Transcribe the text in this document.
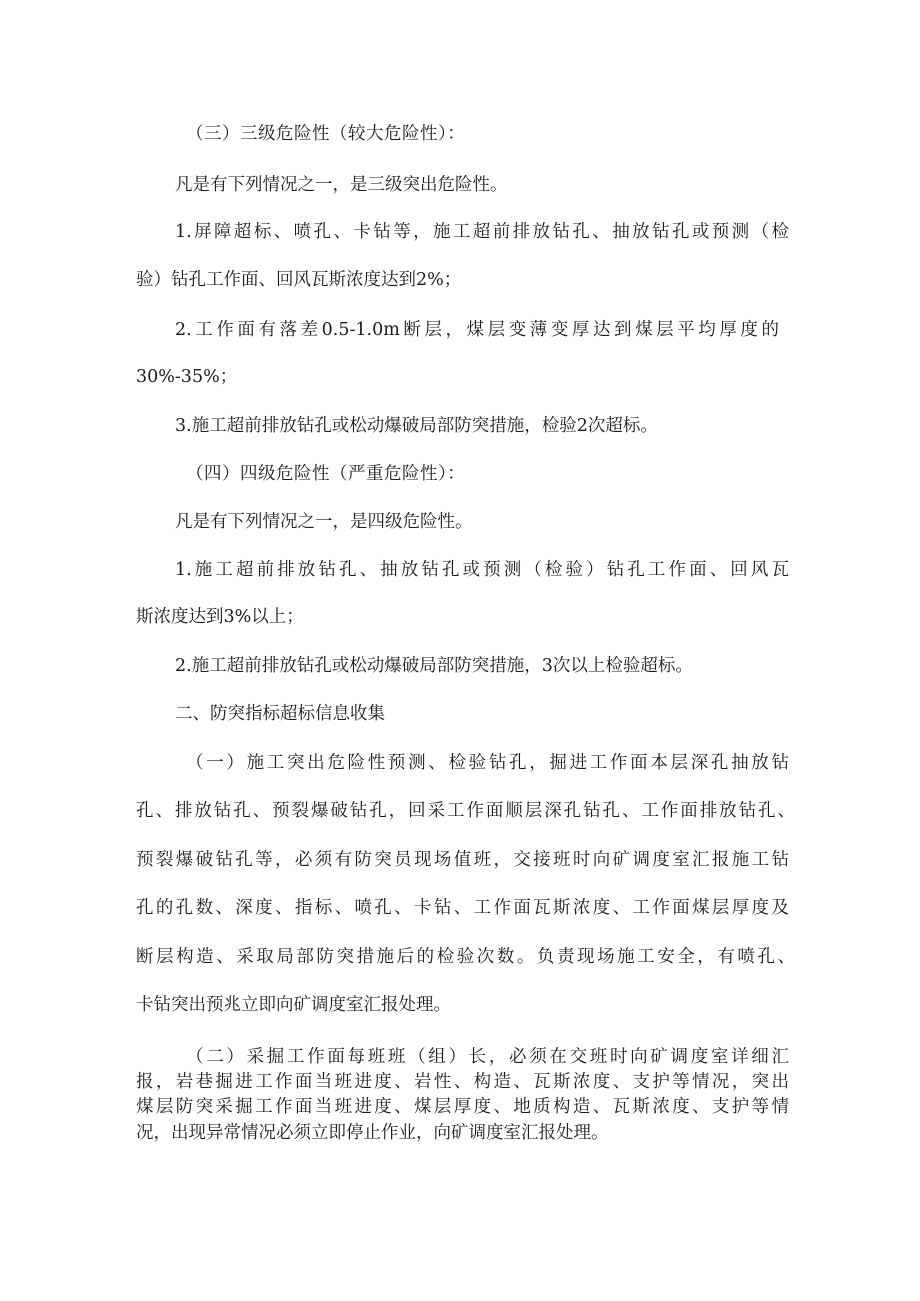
（三）三级危险性（较大危险性）：
凡是有下列情况之一，是三级突出危险性。
1.屏障超标、喷孔、卡钻等，施工超前排放钻孔、抽放钻孔或预测（检
验）钻孔工作面、回风瓦斯浓度达到2%；
2.工作面有落差0.5-1.0m断层，煤层变薄变厚达到煤层平均厚度的
30%-35%；
3.施工超前排放钻孔或松动爆破局部防突措施，检验2次超标。
（四）四级危险性（严重危险性）：
凡是有下列情况之一，是四级危险性。
1.施工超前排放钻孔、抽放钻孔或预测（检验）钻孔工作面、回风瓦
斯浓度达到3%以上；
2.施工超前排放钻孔或松动爆破局部防突措施，3次以上检验超标。
二、防突指标超标信息收集
（一）施工突出危险性预测、检验钻孔，掘进工作面本层深孔抽放钻
孔、排放钻孔、预裂爆破钻孔，回采工作面顺层深孔钻孔、工作面排放钻孔、
预裂爆破钻孔等，必须有防突员现场值班，交接班时向矿调度室汇报施工钻
孔的孔数、深度、指标、喷孔、卡钻、工作面瓦斯浓度、工作面煤层厚度及
断层构造、采取局部防突措施后的检验次数。负责现场施工安全，有喷孔、
卡钻突出预兆立即向矿调度室汇报处理。
（二）采掘工作面每班班（组）长，必须在交班时向矿调度室详细汇
报，岩巷掘进工作面当班进度、岩性、构造、瓦斯浓度、支护等情况，突出
煤层防突采掘工作面当班进度、煤层厚度、地质构造、瓦斯浓度、支护等情
况，出现异常情况必须立即停止作业，向矿调度室汇报处理。
